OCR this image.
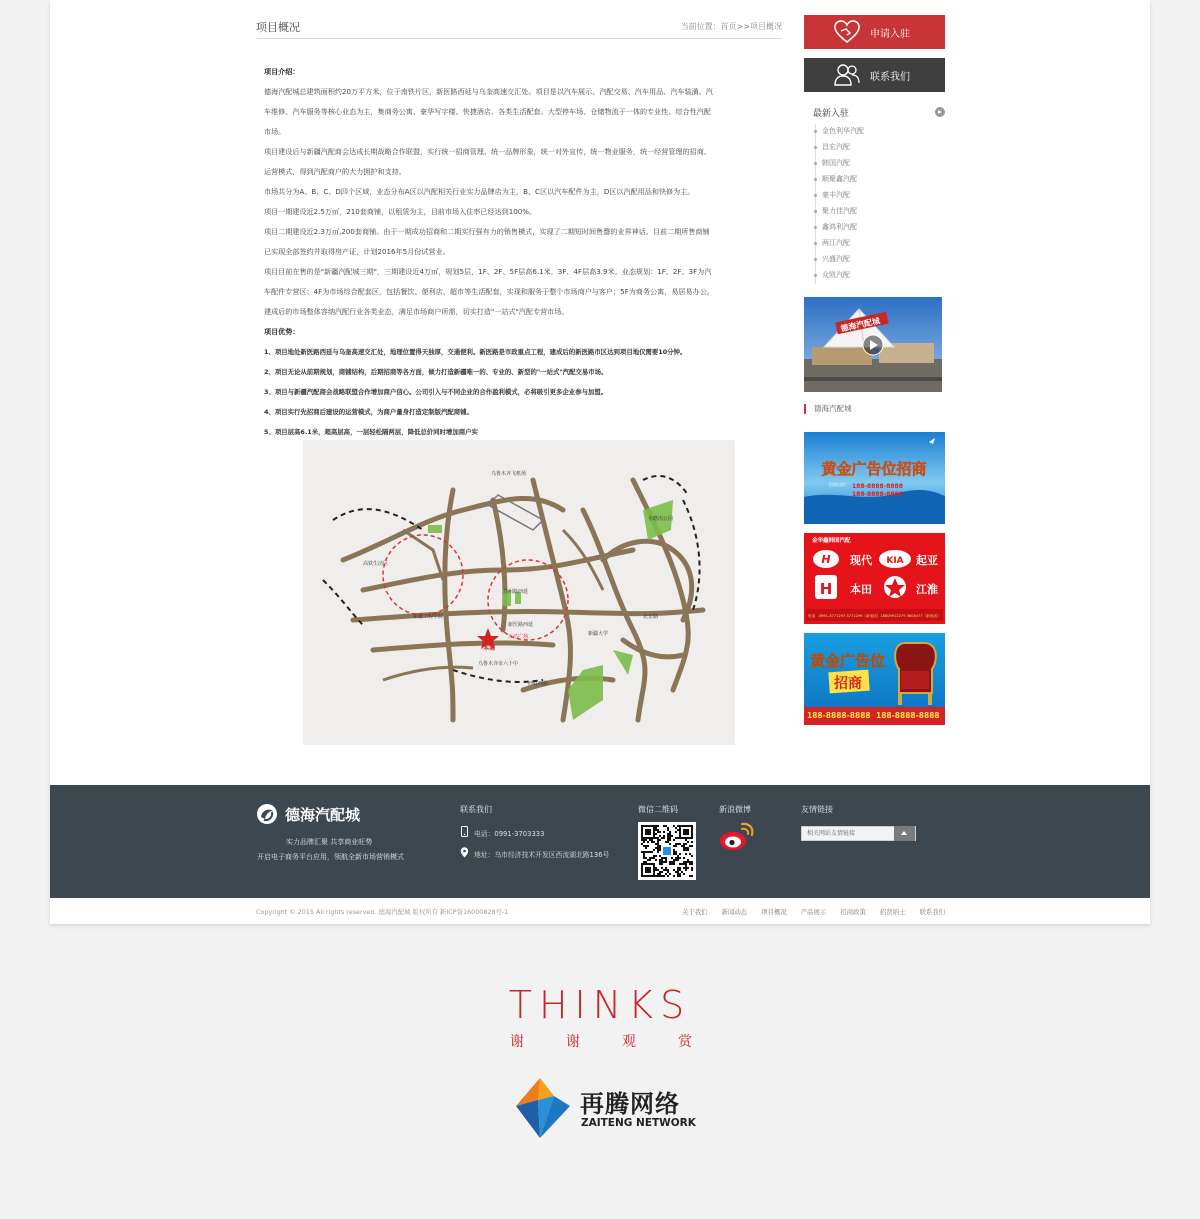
项目概况	当前位置：首页>>项目概况
项目介绍：
德海汽配城总建筑面积约20万平方米，位于南铁片区，新医路西延与乌奎高速交汇处。项目是以汽车展示、汽配交易、汽车用品、汽车装潢、汽
车维修、汽车服务等核心业态为主，集商务公寓、豪华写字楼、快捷酒店、各类生活配套、大型停车场、仓储物流于一体的专业性、综合性汽配
市场。
项目建设后与新疆汽配商会达成长期战略合作联盟，实行统一招商管理、统一品牌形象，统一对外宣传，统一物业服务，统一经营管理的招商、
运营模式，得到汽配商户的大力拥护和支持。
市场共分为A、B、C、D四个区域，业态分布A区以汽配相关行业实力品牌店为主，B、C区以汽车配件为主，D区以汽配用品和快修为主。
项目一期建设近2.5万㎡，210套商铺，以租赁为主，目前市场入住率已经达到100%。
项目二期建设近2.3万㎡,200套商铺。由于一期成功招商和二期实行强有力的销售模式，实现了二期短时间售罄的业界神话。目前二期所售商铺
已实现全部签约并取得房产证，计划2016年5月份试营业。
项目目前在售的是"新疆汽配城三期"，三期建设近4万㎡，规划5层，1F、2F、5F层高6.1米，3F、4F层高3.9米。业态规划：1F、2F、3F为汽
车配件专营区；4F为市场综合配套区，包括餐饮、便利店、超市等生活配套，实现和服务于整个市场商户与客户；5F为商务公寓，易居易办公。
建成后的市场整体容纳汽配行业各类业态，满足市场商户所需，切实打造"一站式"汽配专营市场。
项目优势：
1、项目地处新医路西延与乌奎高速交汇处，地理位置得天独厚，交通便利。新医路是市政重点工程，建成后的新医路市区达到项目地仅需要10分钟。
2、项目无论从前期规划，商铺结构，后期招商等各方面，倾力打造新疆唯一的、专业的、新型的"一站式"汽配交易市场。
3、项目与新疆汽配商会战略联盟合作增加商户信心。公司引入与不同企业的合作盈利模式，必将吸引更多企业参与加盟。
4、项目实行先招商后建设的运营模式，为商户量身打造定制版汽配商铺。
5、项目层高6.1米，超高层高，一层轻松隔两层，降低总价同时增加商户实
乌鲁木齐飞机场
本案
新医路西延
苏州路西延
北京路
西虹西路
新疆大学
新疆工程学院
万达广场
高铁生活区
乌鲁木齐市六十中
水磨沟公园
申请入驻
联系我们
最新入驻
金色利华汽配
昌宏汽配
韩国汽配
顺聚鑫汽配
豪丰汽配
聚力佳汽配
鑫鸿利汽配
两江汽配
兴盛汽配
众凯汽配
德海汽配城
德海汽配城
黄金广告位招商
招商电话： 188-8888-8888
188-8888-8888
金华鑫韩国汽配
H 现代 KIA 起亚
H 本田	江淮
电话：0991-3771297 3771299（新电话）18809912279 3604477（新电话）
黄金广告位
招商
188-8888-8888 188-8888-8888
德海汽配城
实力品牌汇聚 共享商业旺势
开启电子商务平台应用，领航全新市场营销模式
联系我们
电话：0991-3703333
地址：乌市经济技术开发区西流湖北路136号
微信二维码	新浪微博	友情链接
相关网站友情链接
Copyright © 2015 All rights reserved. 德海汽配城 版权所有 新ICP备16000828号-1	关于我们 新闻动态 项目概况 产品展示 招商政策 招贤纳士 联系我们
THINKS
谢	谢	观	赏
再腾网络
ZAITENG NETWORK
